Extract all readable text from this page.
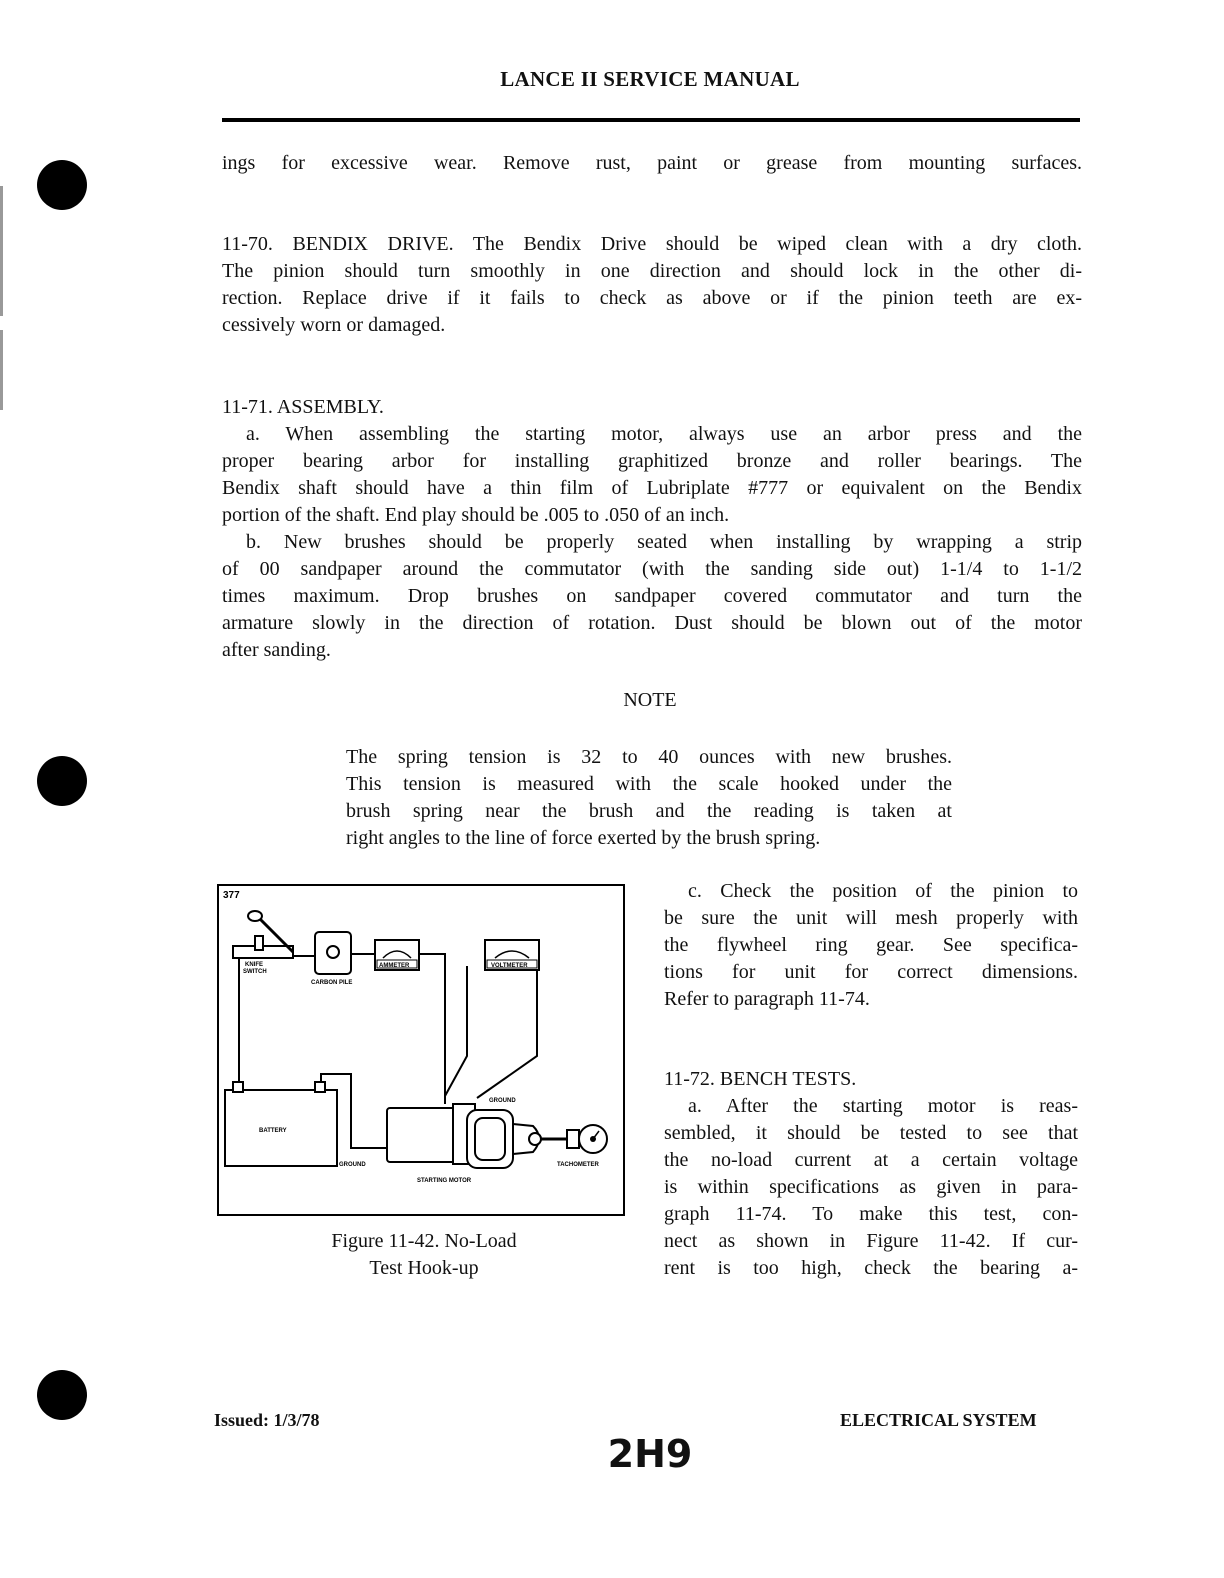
LANCE II SERVICE MANUAL
ings for excessive wear. Remove rust, paint or grease from mounting surfaces.
11-70. BENDIX DRIVE. The Bendix Drive should be wiped clean with a dry cloth.
The pinion should turn smoothly in one direction and should lock in the other di-
rection. Replace drive if it fails to check as above or if the pinion teeth are ex-
cessively worn or damaged.
11-71. ASSEMBLY.
a. When assembling the starting motor, always use an arbor press and the
proper bearing arbor for installing graphitized bronze and roller bearings. The
Bendix shaft should have a thin film of Lubriplate #777 or equivalent on the Bendix
portion of the shaft. End play should be .005 to .050 of an inch.
b. New brushes should be properly seated when installing by wrapping a strip
of 00 sandpaper around the commutator (with the sanding side out) 1-1/4 to 1-1/2
times maximum. Drop brushes on sandpaper covered commutator and turn the
armature slowly in the direction of rotation. Dust should be blown out of the motor
after sanding.
NOTE
The spring tension is 32 to 40 ounces with new brushes.
This tension is measured with the scale hooked under the
brush spring near the brush and the reading is taken at
right angles to the line of force exerted by the brush spring.
377
KNIFE
SWITCH
CARBON PILE
AMMETER	VOLTMETER
BATTERY
GROUND
GROUND
STARTING MOTOR
TACHOMETER
Figure 11-42. No-Load
Test Hook-up
c. Check the position of the pinion to
be sure the unit will mesh properly with
the flywheel ring gear. See specifica-
tions for unit for correct dimensions.
Refer to paragraph 11-74.
11-72. BENCH TESTS.
a. After the starting motor is reas-
sembled, it should be tested to see that
the no-load current at a certain voltage
is within specifications as given in para-
graph 11-74. To make this test, con-
nect as shown in Figure 11-42. If cur-
rent is too high, check the bearing a-
Issued: 1/3/78	ELECTRICAL SYSTEM
2H9
